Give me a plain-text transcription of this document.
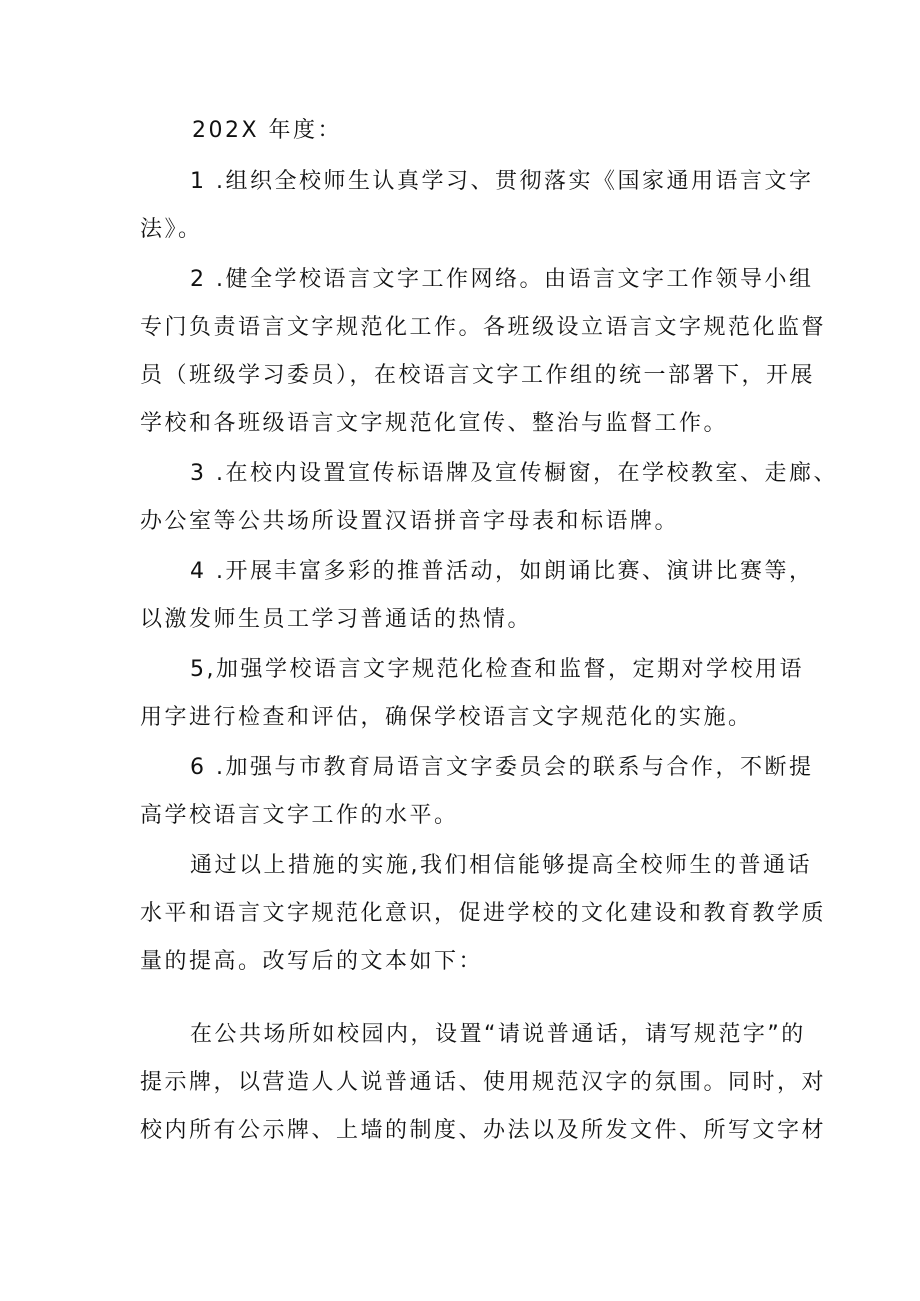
202X 年度：
1 .组织全校师生认真学习、贯彻落实《国家通用语言文字
法》。
2 .健全学校语言文字工作网络。由语言文字工作领导小组
专门负责语言文字规范化工作。各班级设立语言文字规范化监督
员（班级学习委员），在校语言文字工作组的统一部署下，开展
学校和各班级语言文字规范化宣传、整治与监督工作。
3 .在校内设置宣传标语牌及宣传橱窗，在学校教室、走廊、
办公室等公共场所设置汉语拼音字母表和标语牌。
4 .开展丰富多彩的推普活动，如朗诵比赛、演讲比赛等，
以激发师生员工学习普通话的热情。
5,加强学校语言文字规范化检查和监督，定期对学校用语
用字进行检查和评估，确保学校语言文字规范化的实施。
6 .加强与市教育局语言文字委员会的联系与合作，不断提
高学校语言文字工作的水平。
通过以上措施的实施,我们相信能够提高全校师生的普通话
水平和语言文字规范化意识，促进学校的文化建设和教育教学质
量的提高。改写后的文本如下：
在公共场所如校园内，设置“请说普通话，请写规范字”的
提示牌，以营造人人说普通话、使用规范汉字的氛围。同时，对
校内所有公示牌、上墙的制度、办法以及所发文件、所写文字材
